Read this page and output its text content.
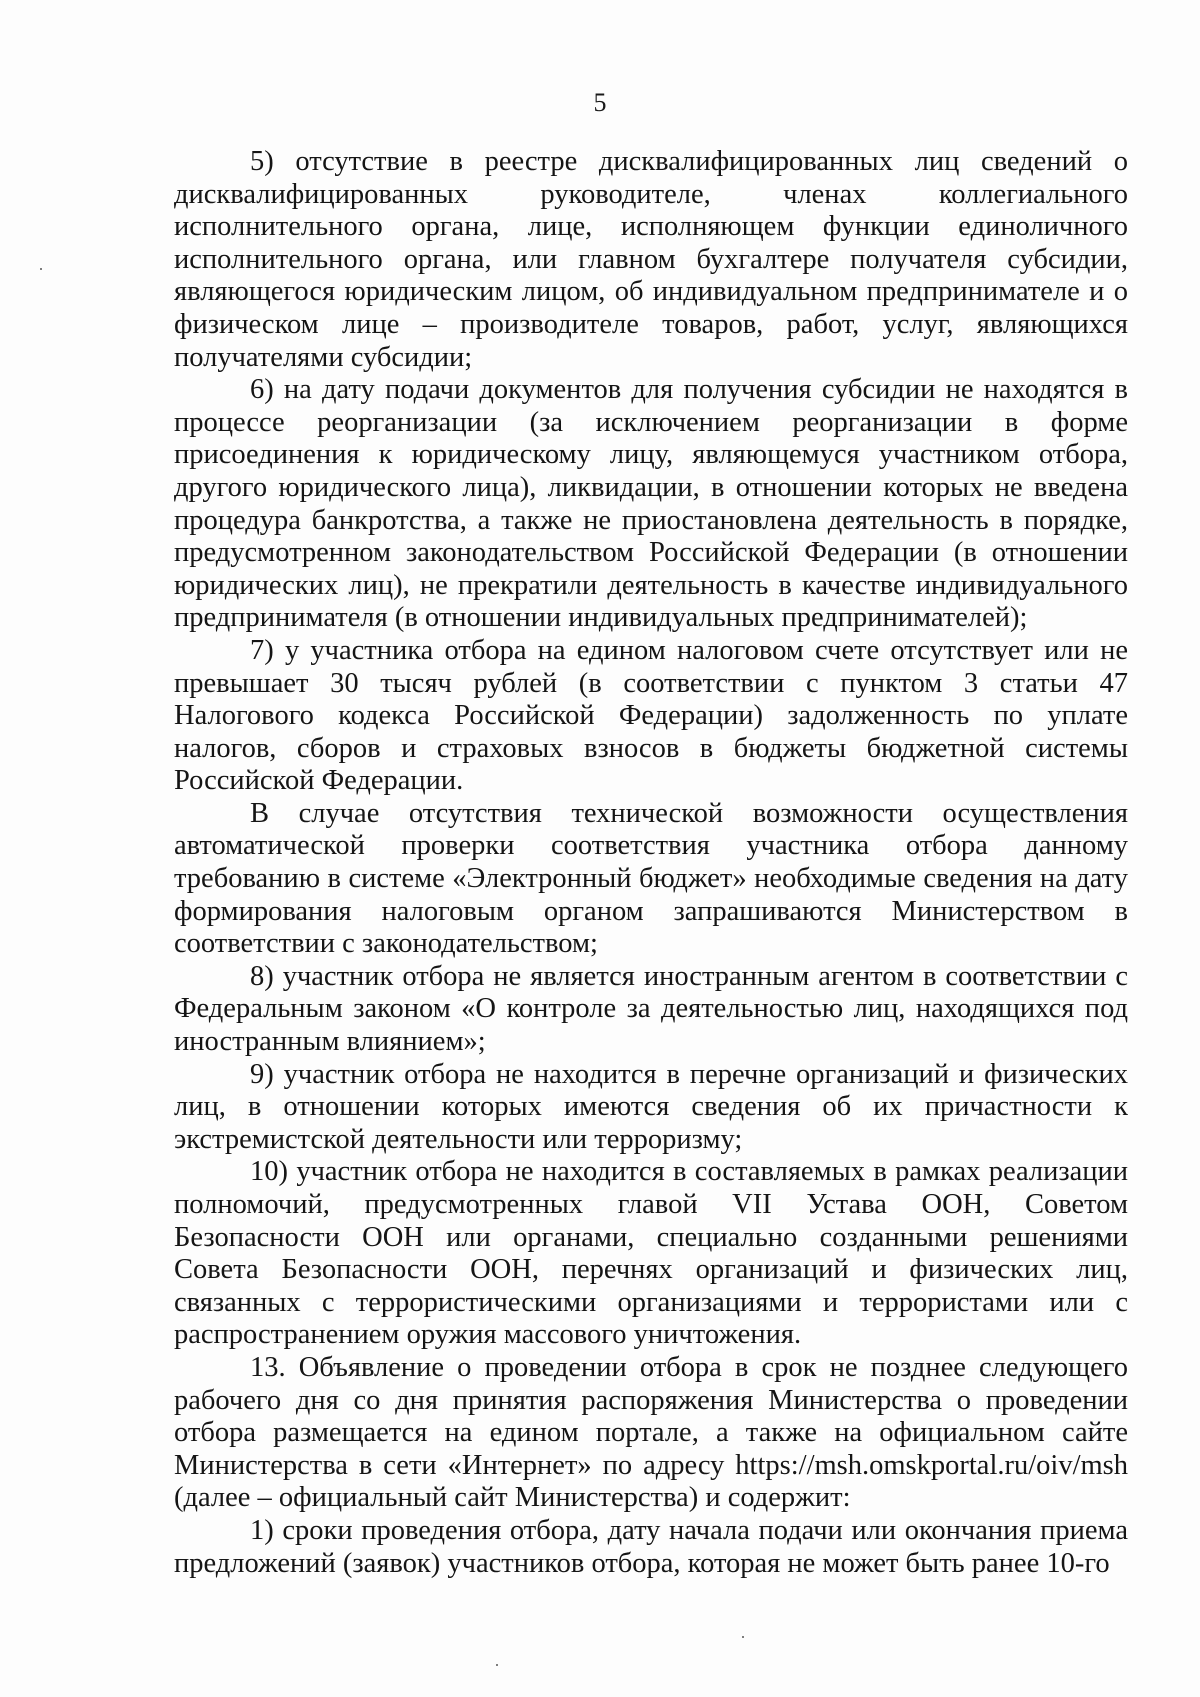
5

5) отсутствие в реестре дисквалифицированных лиц сведений о дисквалифицированных руководителе, членах коллегиального исполнительного органа, лице, исполняющем функции единоличного исполнительного органа, или главном бухгалтере получателя субсидии, являющегося юридическим лицом, об индивидуальном предпринимателе и о физическом лице – производителе товаров, работ, услуг, являющихся получателями субсидии;

6) на дату подачи документов для получения субсидии не находятся в процессе реорганизации (за исключением реорганизации в форме присоединения к юридическому лицу, являющемуся участником отбора, другого юридического лица), ликвидации, в отношении которых не введена процедура банкротства, а также не приостановлена деятельность в порядке, предусмотренном законодательством Российской Федерации (в отношении юридических лиц), не прекратили деятельность в качестве индивидуального предпринимателя (в отношении индивидуальных предпринимателей);

7) у участника отбора на едином налоговом счете отсутствует или не превышает 30 тысяч рублей (в соответствии с пунктом 3 статьи 47 Налогового кодекса Российской Федерации) задолженность по уплате налогов, сборов и страховых взносов в бюджеты бюджетной системы Российской Федерации.

В случае отсутствия технической возможности осуществления автоматической проверки соответствия участника отбора данному требованию в системе «Электронный бюджет» необходимые сведения на дату формирования налоговым органом запрашиваются Министерством в соответствии с законодательством;

8) участник отбора не является иностранным агентом в соответствии с Федеральным законом «О контроле за деятельностью лиц, находящихся под иностранным влиянием»;

9) участник отбора не находится в перечне организаций и физических лиц, в отношении которых имеются сведения об их причастности к экстремистской деятельности или терроризму;

10) участник отбора не находится в составляемых в рамках реализации полномочий, предусмотренных главой VII Устава ООН, Советом Безопасности ООН или органами, специально созданными решениями Совета Безопасности ООН, перечнях организаций и физических лиц, связанных с террористическими организациями и террористами или с распространением оружия массового уничтожения.

13. Объявление о проведении отбора в срок не позднее следующего рабочего дня со дня принятия распоряжения Министерства о проведении отбора размещается на едином портале, а также на официальном сайте Министерства в сети «Интернет» по адресу https://msh.omskportal.ru/oiv/msh (далее – официальный сайт Министерства) и содержит:

1) сроки проведения отбора, дату начала подачи или окончания приема предложений (заявок) участников отбора, которая не может быть ранее 10-го
